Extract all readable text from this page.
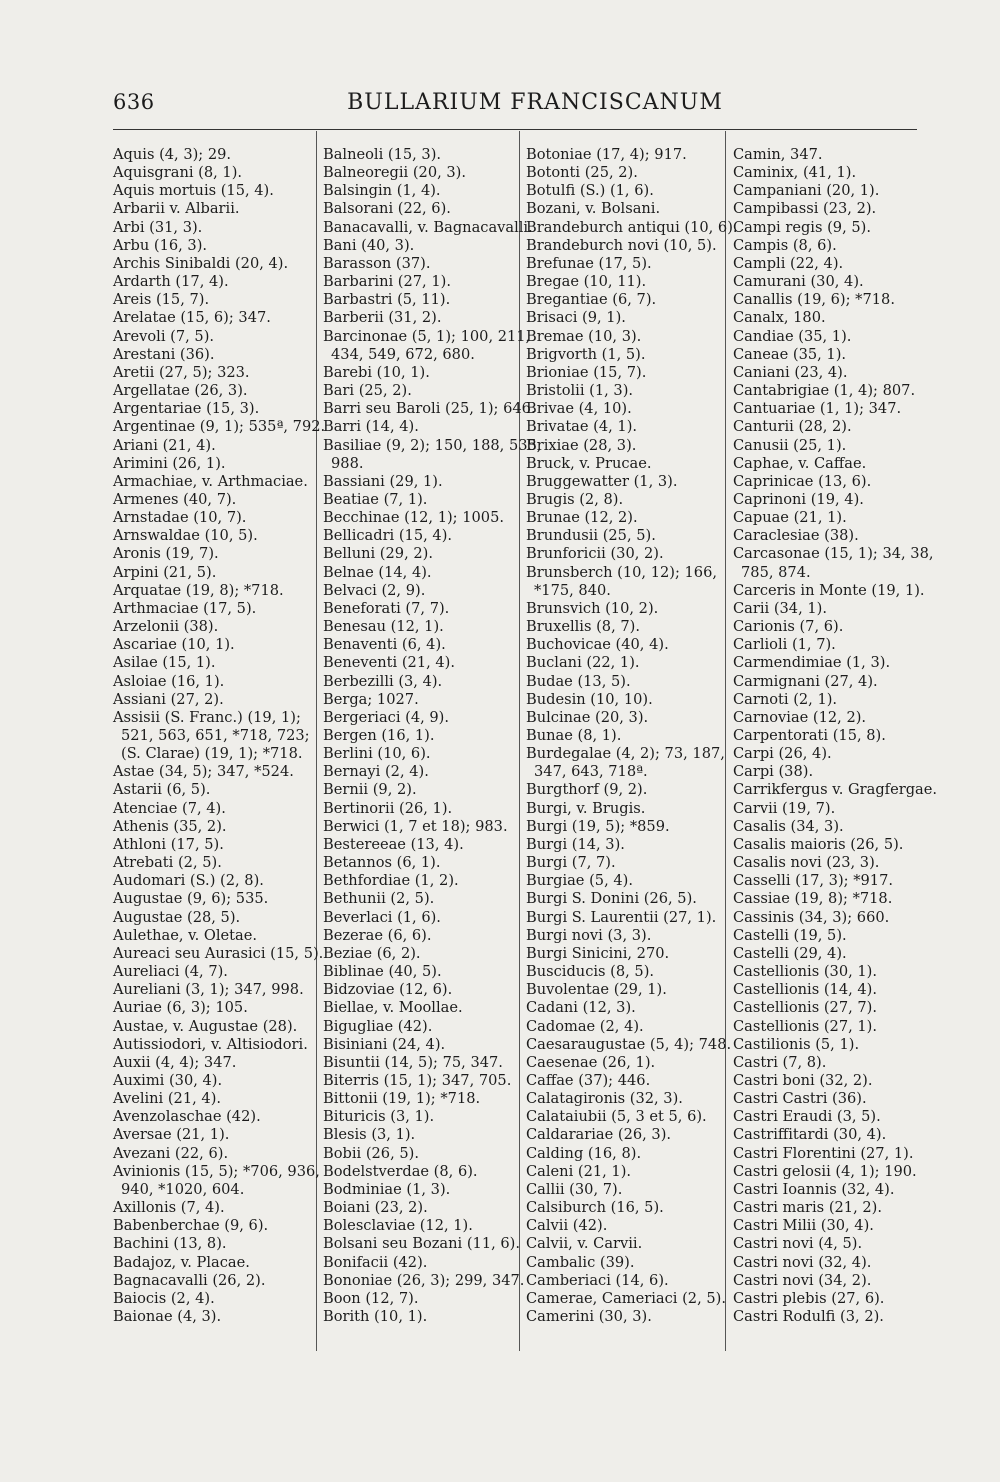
636	BULLARIUM FRANCISCANUM
Aquis (4, 3); 29.
Aquisgrani (8, 1).
Aquis mortuis (15, 4).
Arbarii v. Albarii.
Arbi (31, 3).
Arbu (16, 3).
Archis Sinibaldi (20, 4).
Ardarth (17, 4).
Areis (15, 7).
Arelatae (15, 6); 347.
Arevoli (7, 5).
Arestani (36).
Aretii (27, 5); 323.
Argellatae (26, 3).
Argentariae (15, 3).
Argentinae (9, 1); 535ª, 792.
Ariani (21, 4).
Arimini (26, 1).
Armachiae, v. Arthmaciae.
Armenes (40, 7).
Arnstadae (10, 7).
Arnswaldae (10, 5).
Aronis (19, 7).
Arpini (21, 5).
Arquatae (19, 8); *718.
Arthmaciae (17, 5).
Arzelonii (38).
Ascariae (10, 1).
Asilae (15, 1).
Asloiae (16, 1).
Assiani (27, 2).
Assisii (S. Franc.) (19, 1);
521, 563, 651, *718, 723;
(S. Clarae) (19, 1); *718.
Astae (34, 5); 347, *524.
Astarii (6, 5).
Atenciae (7, 4).
Athenis (35, 2).
Athloni (17, 5).
Atrebati (2, 5).
Audomari (S.) (2, 8).
Augustae (9, 6); 535.
Augustae (28, 5).
Aulethae, v. Oletae.
Aureaci seu Aurasici (15, 5).
Aureliaci (4, 7).
Aureliani (3, 1); 347, 998.
Auriae (6, 3); 105.
Austae, v. Augustae (28).
Autissiodori, v. Altisiodori.
Auxii (4, 4); 347.
Auximi (30, 4).
Avelini (21, 4).
Avenzolaschae (42).
Aversae (21, 1).
Avezani (22, 6).
Avinionis (15, 5); *706, 936,
940, *1020, 604.
Axillonis (7, 4).
Babenberchae (9, 6).
Bachini (13, 8).
Badajoz, v. Placae.
Bagnacavalli (26, 2).
Baiocis (2, 4).
Baionae (4, 3).
Balneoli (15, 3).
Balneoregii (20, 3).
Balsingin (1, 4).
Balsorani (22, 6).
Banacavalli, v. Bagnacavalli.
Bani (40, 3).
Barasson (37).
Barbarini (27, 1).
Barbastri (5, 11).
Barberii (31, 2).
Barcinonae (5, 1); 100, 211,
434, 549, 672, 680.
Barebi (10, 1).
Bari (25, 2).
Barri seu Baroli (25, 1); 646.
Barri (14, 4).
Basiliae (9, 2); 150, 188, 535,
988.
Bassiani (29, 1).
Beatiae (7, 1).
Becchinae (12, 1); 1005.
Bellicadri (15, 4).
Belluni (29, 2).
Belnae (14, 4).
Belvaci (2, 9).
Beneforati (7, 7).
Benesau (12, 1).
Benaventi (6, 4).
Beneventi (21, 4).
Berbezilli (3, 4).
Berga; 1027.
Bergeriaci (4, 9).
Bergen (16, 1).
Berlini (10, 6).
Bernayi (2, 4).
Bernii (9, 2).
Bertinorii (26, 1).
Berwici (1, 7 et 18); 983.
Bestereeae (13, 4).
Betannos (6, 1).
Bethfordiae (1, 2).
Bethunii (2, 5).
Beverlaci (1, 6).
Bezerae (6, 6).
Beziae (6, 2).
Biblinae (40, 5).
Bidzoviae (12, 6).
Biellae, v. Moollae.
Bigugliae (42).
Bisiniani (24, 4).
Bisuntii (14, 5); 75, 347.
Biterris (15, 1); 347, 705.
Bittonii (19, 1); *718.
Bituricis (3, 1).
Blesis (3, 1).
Bobii (26, 5).
Bodelstverdae (8, 6).
Bodminiae (1, 3).
Boiani (23, 2).
Bolesclaviae (12, 1).
Bolsani seu Bozani (11, 6).
Bonifacii (42).
Bononiae (26, 3); 299, 347.
Boon (12, 7).
Borith (10, 1).
Botoniae (17, 4); 917.
Botonti (25, 2).
Botulfi (S.) (1, 6).
Bozani, v. Bolsani.
Brandeburch antiqui (10, 6).
Brandeburch novi (10, 5).
Brefunae (17, 5).
Bregae (10, 11).
Bregantiae (6, 7).
Brisaci (9, 1).
Bremae (10, 3).
Brigvorth (1, 5).
Brioniae (15, 7).
Bristolii (1, 3).
Brivae (4, 10).
Brivatae (4, 1).
Brixiae (28, 3).
Bruck, v. Prucae.
Bruggewatter (1, 3).
Brugis (2, 8).
Brunae (12, 2).
Brundusii (25, 5).
Brunforicii (30, 2).
Brunsberch (10, 12); 166,
*175, 840.
Brunsvich (10, 2).
Bruxellis (8, 7).
Buchovicae (40, 4).
Buclani (22, 1).
Budae (13, 5).
Budesin (10, 10).
Bulcinae (20, 3).
Bunae (8, 1).
Burdegalae (4, 2); 73, 187,
347, 643, 718ª.
Burgthorf (9, 2).
Burgi, v. Brugis.
Burgi (19, 5); *859.
Burgi (14, 3).
Burgi (7, 7).
Burgiae (5, 4).
Burgi S. Donini (26, 5).
Burgi S. Laurentii (27, 1).
Burgi novi (3, 3).
Burgi Sinicini, 270.
Busciducis (8, 5).
Buvolentae (29, 1).
Cadani (12, 3).
Cadomae (2, 4).
Caesaraugustae (5, 4); 748.
Caesenae (26, 1).
Caffae (37); 446.
Calatagironis (32, 3).
Calataiubii (5, 3 et 5, 6).
Caldarariae (26, 3).
Calding (16, 8).
Caleni (21, 1).
Callii (30, 7).
Calsiburch (16, 5).
Calvii (42).
Calvii, v. Carvii.
Cambalic (39).
Camberiaci (14, 6).
Camerae, Cameriaci (2, 5).
Camerini (30, 3).
Camin, 347.
Caminix, (41, 1).
Campaniani (20, 1).
Campibassi (23, 2).
Campi regis (9, 5).
Campis (8, 6).
Campli (22, 4).
Camurani (30, 4).
Canallis (19, 6); *718.
Canalx, 180.
Candiae (35, 1).
Caneae (35, 1).
Caniani (23, 4).
Cantabrigiae (1, 4); 807.
Cantuariae (1, 1); 347.
Canturii (28, 2).
Canusii (25, 1).
Caphae, v. Caffae.
Caprinicae (13, 6).
Caprinoni (19, 4).
Capuae (21, 1).
Caraclesiae (38).
Carcasonae (15, 1); 34, 38,
785, 874.
Carceris in Monte (19, 1).
Carii (34, 1).
Carionis (7, 6).
Carlioli (1, 7).
Carmendimiae (1, 3).
Carmignani (27, 4).
Carnoti (2, 1).
Carnoviae (12, 2).
Carpentorati (15, 8).
Carpi (26, 4).
Carpi (38).
Carrikfergus v. Gragfergae.
Carvii (19, 7).
Casalis (34, 3).
Casalis maioris (26, 5).
Casalis novi (23, 3).
Casselli (17, 3); *917.
Cassiae (19, 8); *718.
Cassinis (34, 3); 660.
Castelli (19, 5).
Castelli (29, 4).
Castellionis (30, 1).
Castellionis (14, 4).
Castellionis (27, 7).
Castellionis (27, 1).
Castilionis (5, 1).
Castri (7, 8).
Castri boni (32, 2).
Castri Castri (36).
Castri Eraudi (3, 5).
Castriffitardi (30, 4).
Castri Florentini (27, 1).
Castri gelosii (4, 1); 190.
Castri Ioannis (32, 4).
Castri maris (21, 2).
Castri Milii (30, 4).
Castri novi (4, 5).
Castri novi (32, 4).
Castri novi (34, 2).
Castri plebis (27, 6).
Castri Rodulfi (3, 2).
